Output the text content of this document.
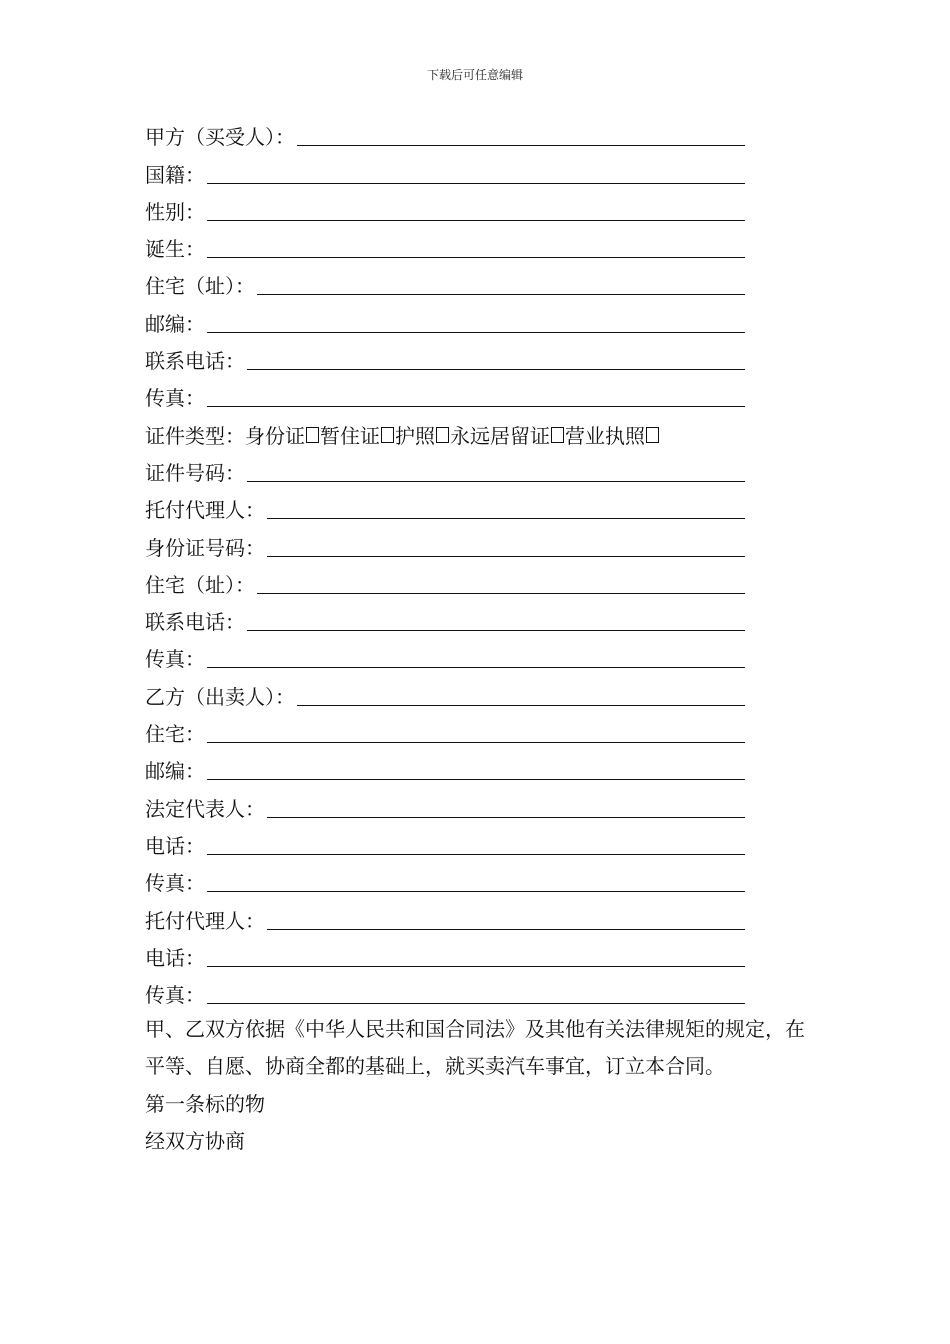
下载后可任意编辑
甲方（买受人）：
国籍：
性别：
诞生：
住宅（址）：
邮编：
联系电话：
传真：
证件类型： 身份证 暂住证 护照 永远居留证 营业执照
证件号码：
托付代理人：
身份证号码：
住宅（址）：
联系电话：
传真：
乙方（出卖人）：
住宅：
邮编：
法定代表人：
电话：
传真：
托付代理人：
电话：
传真：
甲、乙双方依据《中华人民共和国合同法》及其他有关法律规矩的规定，在平等、自愿、协商全都的基础上，就买卖汽车事宜，订立本合同。
第一条标的物
经双方协商
